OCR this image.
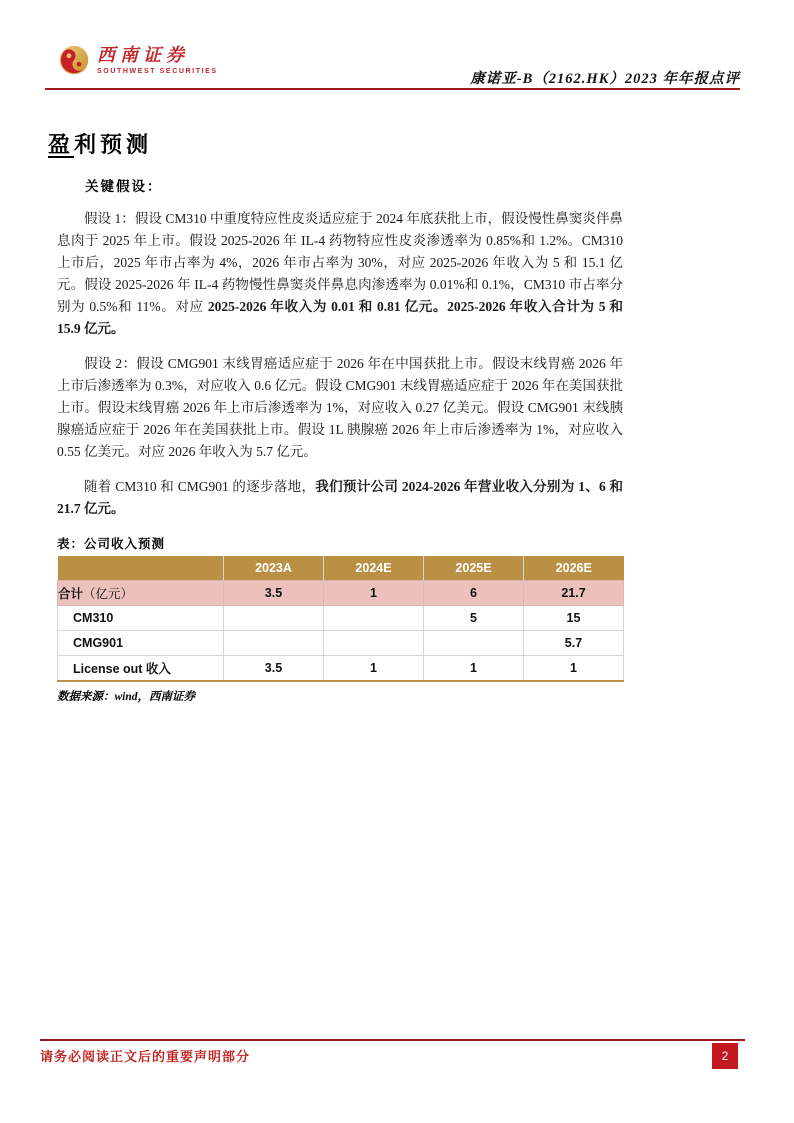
西南证券
SOUTHWEST SECURITIES	康诺亚-B（2162.HK）2023 年年报点评
盈利预测
关键假设：

假设 1：假设 CM310 中重度特应性皮炎适应症于 2024 年底获批上市，假设慢性鼻窦炎伴鼻息肉于 2025 年上市。假设 2025-2026 年 IL-4 药物特应性皮炎渗透率为 0.85%和 1.2%。CM310 上市后，2025 年市占率为 4%，2026 年市占率为 30%，对应 2025-2026 年收入为 5 和 15.1 亿元。假设 2025-2026 年 IL-4 药物慢性鼻窦炎伴鼻息肉渗透率为 0.01%和 0.1%，CM310 市占率分别为 0.5%和 11%。对应 2025-2026 年收入为 0.01 和 0.81 亿元。2025-2026 年收入合计为 5 和 15.9 亿元。

假设 2：假设 CMG901 末线胃癌适应症于 2026 年在中国获批上市。假设末线胃癌 2026 年上市后渗透率为 0.3%，对应收入 0.6 亿元。假设 CMG901 末线胃癌适应症于 2026 年在美国获批上市。假设末线胃癌 2026 年上市后渗透率为 1%，对应收入 0.27 亿美元。假设 CMG901 末线胰腺癌适应症于 2026 年在美国获批上市。假设 1L 胰腺癌 2026 年上市后渗透率为 1%，对应收入 0.55 亿美元。对应 2026 年收入为 5.7 亿元。

随着 CM310 和 CMG901 的逐步落地，我们预计公司 2024-2026 年营业收入分别为 1、6 和 21.7 亿元。

表：公司收入预测
	2023A	2024E	2025E	2026E
合计（亿元）	3.5	1	6	21.7
CM310			5	15
CMG901				5.7
License out 收入	3.5	1	1	1
数据来源：wind，西南证券
请务必阅读正文后的重要声明部分	2
